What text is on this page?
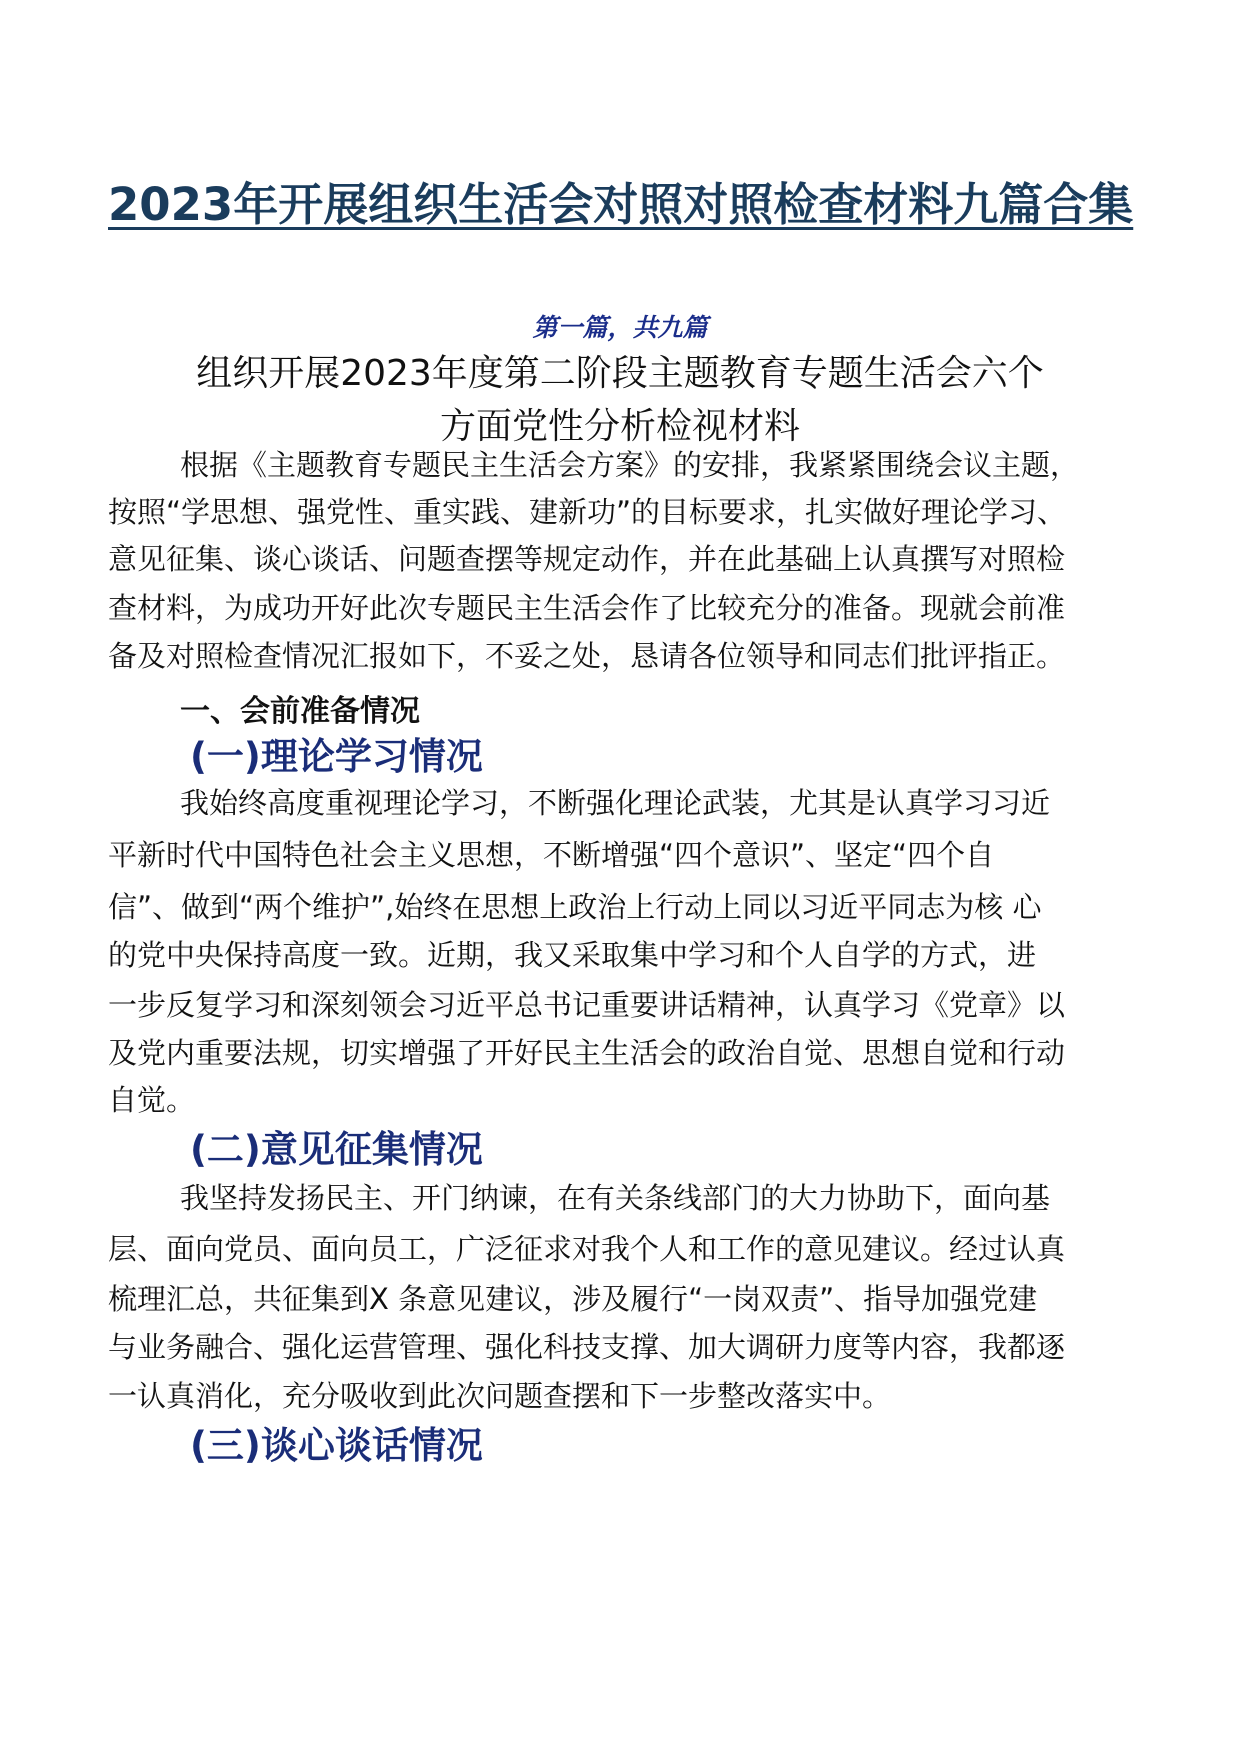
2023年开展组织生活会对照对照检查材料九篇合集
第一篇，共九篇
组织开展2023年度第二阶段主题教育专题生活会六个
方面党性分析检视材料
根据《主题教育专题民主生活会方案》的安排，我紧紧围绕会议主题，
按照“学思想、强党性、重实践、建新功”的目标要求，扎实做好理论学习、
意见征集、谈心谈话、问题查摆等规定动作，并在此基础上认真撰写对照检
查材料，为成功开好此次专题民主生活会作了比较充分的准备。现就会前准
备及对照检查情况汇报如下，不妥之处，恳请各位领导和同志们批评指正。
一、会前准备情况
(一)理论学习情况
我始终高度重视理论学习，不断强化理论武装，尤其是认真学习习近
平新时代中国特色社会主义思想，不断增强“四个意识”、坚定“四个自
信”、做到“两个维护”,始终在思想上政治上行动上同以习近平同志为核 心
的党中央保持高度一致。近期，我又采取集中学习和个人自学的方式，进
一步反复学习和深刻领会习近平总书记重要讲话精神，认真学习《党章》以
及党内重要法规，切实增强了开好民主生活会的政治自觉、思想自觉和行动
自觉。
(二)意见征集情况
我坚持发扬民主、开门纳谏，在有关条线部门的大力协助下，面向基
层、面向党员、面向员工，广泛征求对我个人和工作的意见建议。经过认真
梳理汇总，共征集到X 条意见建议，涉及履行“一岗双责”、指导加强党建
与业务融合、强化运营管理、强化科技支撑、加大调研力度等内容，我都逐
一认真消化，充分吸收到此次问题查摆和下一步整改落实中。
(三)谈心谈话情况
